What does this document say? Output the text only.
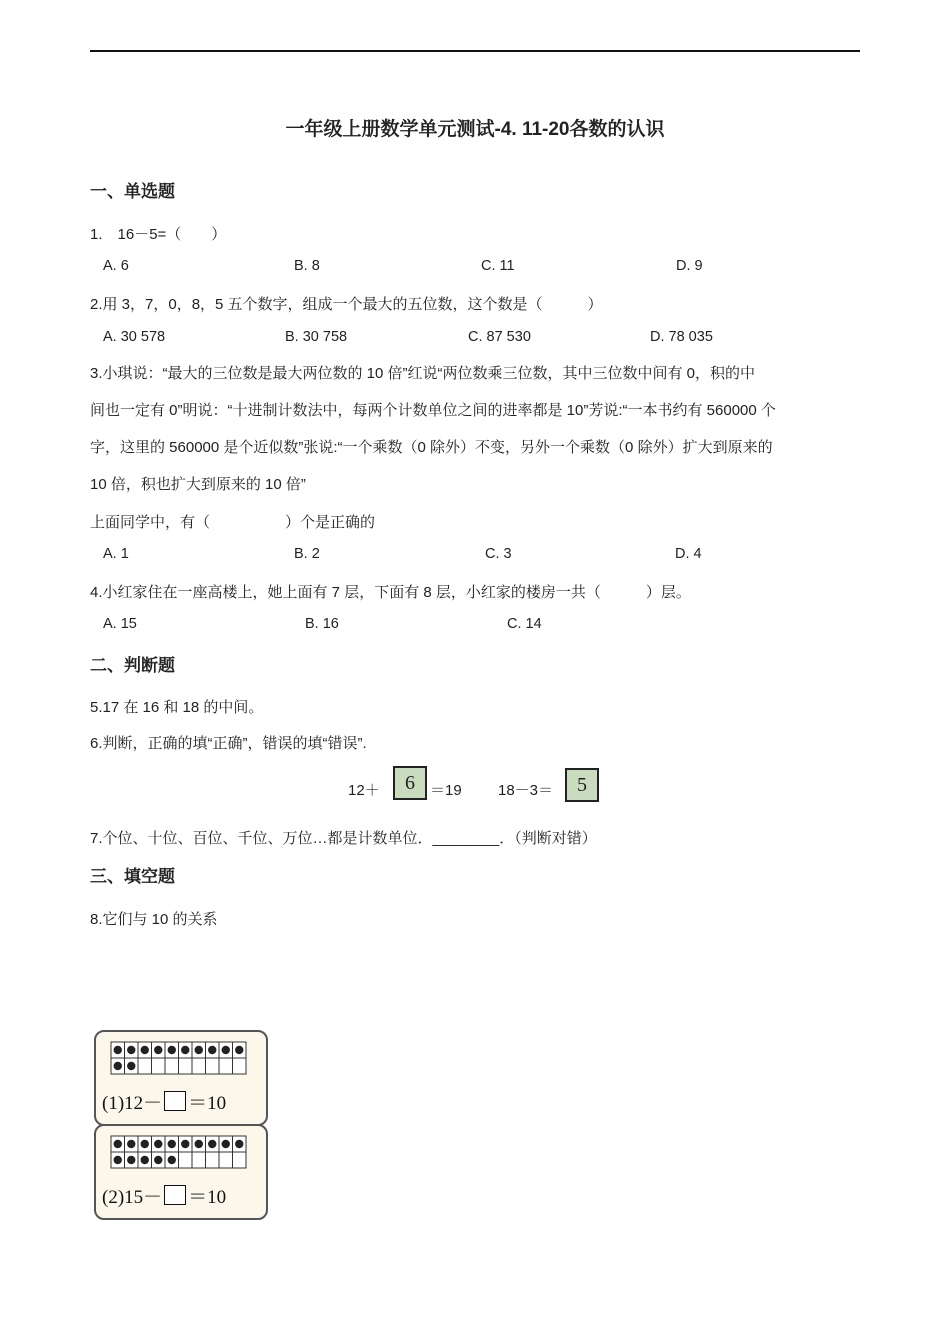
一年级上册数学单元测试-4. 11-20各数的认识
一、单选题
1.　16－5=（　　）
A. 6	B. 8	C. 11	D. 9
2.用 3，7，0，8，5 五个数字，组成一个最大的五位数，这个数是（　　　）
A. 30 578	B. 30 758	C. 87 530	D. 78 035
3.小琪说：“最大的三位数是最大两位数的 10 倍”红说“两位数乘三位数，其中三位数中间有 0，积的中
间也一定有 0”明说：“十进制计数法中，每两个计数单位之间的进率都是 10”芳说:“一本书约有 560000 个
字，这里的 560000 是个近似数”张说:“一个乘数（0 除外）不变，另外一个乘数（0 除外）扩大到原来的
10 倍，积也扩大到原来的 10 倍”
上面同学中，有（　　　　　）个是正确的
A. 1	B. 2	C. 3	D. 4
4.小红家住在一座高楼上，她上面有 7 层，下面有 8 层，小红家的楼房一共（　　　）层。
A. 15	B. 16	C. 14
二、判断题
5.17 在 16 和 18 的中间。
6.判断，正确的填“正确”，错误的填“错误”.
12＋	6	＝19 18－3＝	5
7.个位、十位、百位、千位、万位…都是计数单位．________．（判断对错）
三、填空题
8.它们与 10 的关系
(1)12－ ＝10
(2)15－ ＝10
